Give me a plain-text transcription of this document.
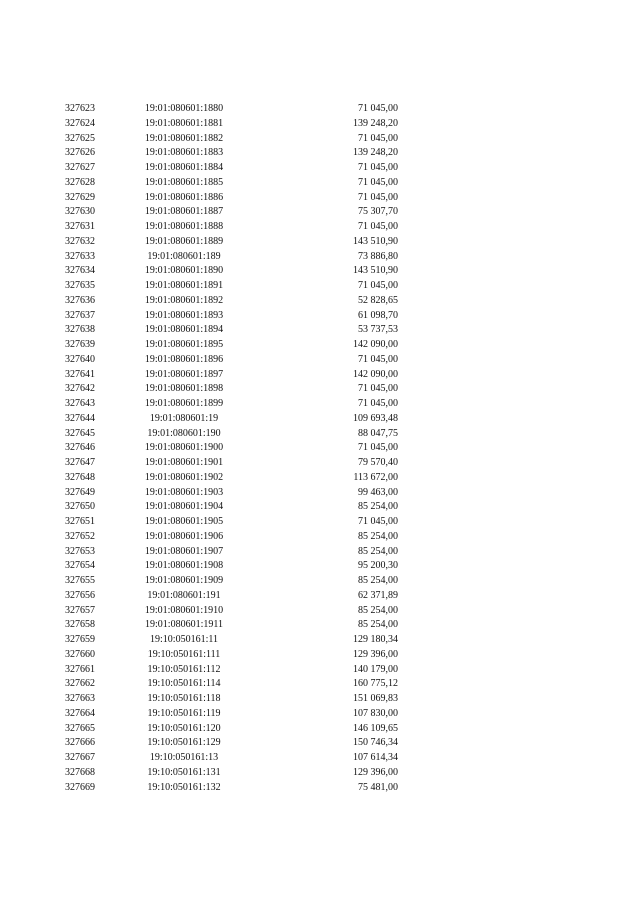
327623	19:01:080601:1880	71 045,00
327624	19:01:080601:1881	139 248,20
327625	19:01:080601:1882	71 045,00
327626	19:01:080601:1883	139 248,20
327627	19:01:080601:1884	71 045,00
327628	19:01:080601:1885	71 045,00
327629	19:01:080601:1886	71 045,00
327630	19:01:080601:1887	75 307,70
327631	19:01:080601:1888	71 045,00
327632	19:01:080601:1889	143 510,90
327633	19:01:080601:189	73 886,80
327634	19:01:080601:1890	143 510,90
327635	19:01:080601:1891	71 045,00
327636	19:01:080601:1892	52 828,65
327637	19:01:080601:1893	61 098,70
327638	19:01:080601:1894	53 737,53
327639	19:01:080601:1895	142 090,00
327640	19:01:080601:1896	71 045,00
327641	19:01:080601:1897	142 090,00
327642	19:01:080601:1898	71 045,00
327643	19:01:080601:1899	71 045,00
327644	19:01:080601:19	109 693,48
327645	19:01:080601:190	88 047,75
327646	19:01:080601:1900	71 045,00
327647	19:01:080601:1901	79 570,40
327648	19:01:080601:1902	113 672,00
327649	19:01:080601:1903	99 463,00
327650	19:01:080601:1904	85 254,00
327651	19:01:080601:1905	71 045,00
327652	19:01:080601:1906	85 254,00
327653	19:01:080601:1907	85 254,00
327654	19:01:080601:1908	95 200,30
327655	19:01:080601:1909	85 254,00
327656	19:01:080601:191	62 371,89
327657	19:01:080601:1910	85 254,00
327658	19:01:080601:1911	85 254,00
327659	19:10:050161:11	129 180,34
327660	19:10:050161:111	129 396,00
327661	19:10:050161:112	140 179,00
327662	19:10:050161:114	160 775,12
327663	19:10:050161:118	151 069,83
327664	19:10:050161:119	107 830,00
327665	19:10:050161:120	146 109,65
327666	19:10:050161:129	150 746,34
327667	19:10:050161:13	107 614,34
327668	19:10:050161:131	129 396,00
327669	19:10:050161:132	75 481,00
